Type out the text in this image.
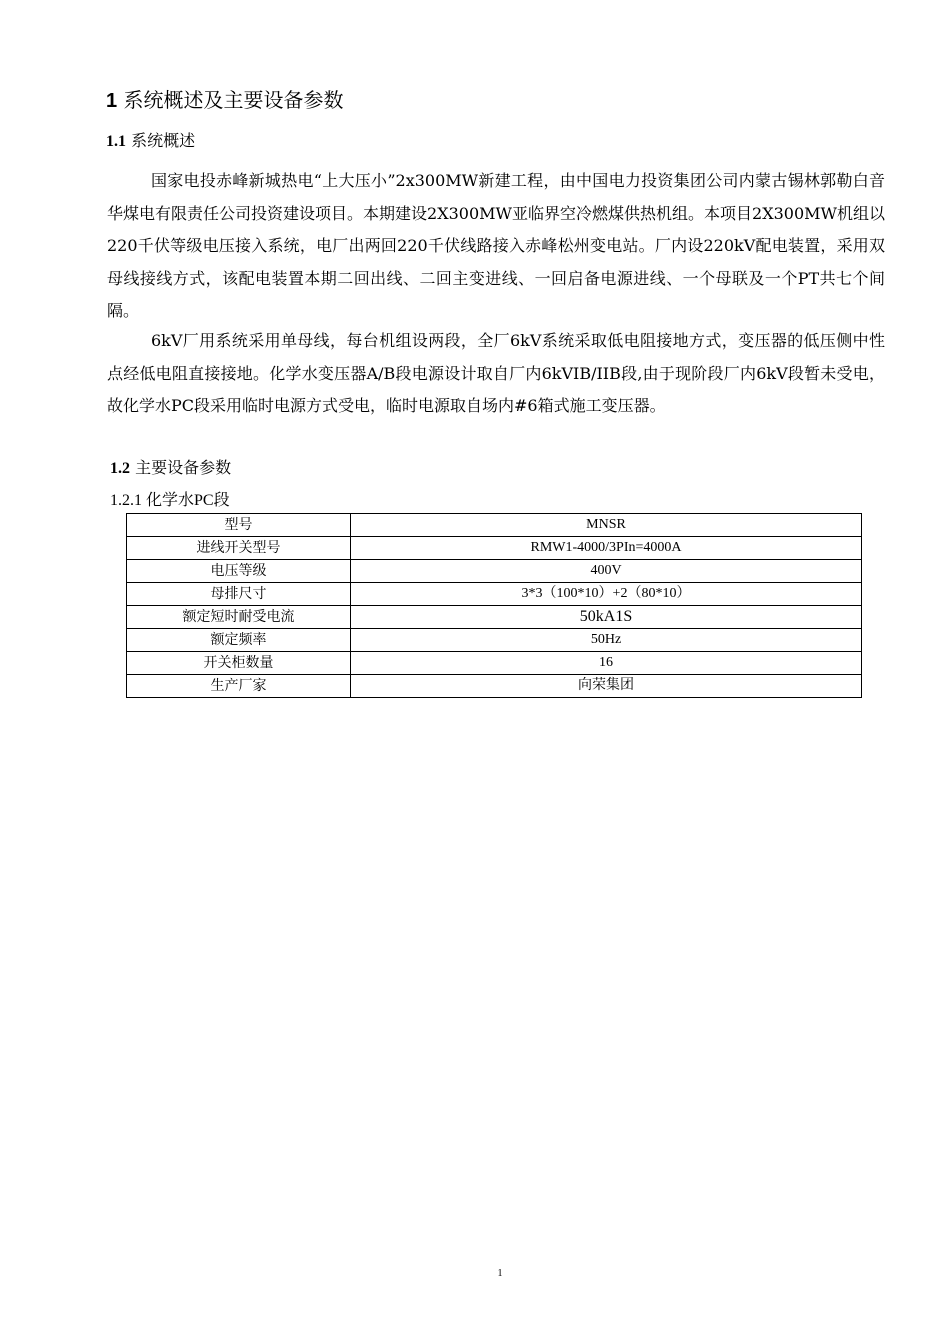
1 系统概述及主要设备参数
1.1 系统概述

国家电投赤峰新城热电“上大压小”2x300MW新建工程，由中国电力投资集团公司内蒙古锡林郭勒白音华煤电有限责任公司投资建设项目。本期建设2X300MW亚临界空冷燃煤供热机组。本项目2X300MW机组以220千伏等级电压接入系统，电厂出两回220千伏线路接入赤峰松州变电站。厂内设220kV配电装置，采用双母线接线方式，该配电装置本期二回出线、二回主变进线、一回启备电源进线、一个母联及一个PT共七个间隔。

6kV厂用系统采用单母线，每台机组设两段，全厂6kV系统采取低电阻接地方式，变压器的低压侧中性点经低电阻直接接地。化学水变压器A/B段电源设计取自厂内6kVIB/IIB段,由于现阶段厂内6kV段暂未受电，故化学水PC段采用临时电源方式受电，临时电源取自场内#6箱式施工变压器。

1.2 主要设备参数
1.2.1 化学水PC段
型号	MNSR
进线开关型号	RMW1-4000/3PIn=4000A
电压等级	400V
母排尺寸	3*3（100*10）+2（80*10）
额定短时耐受电流	50kA1S
额定频率	50Hz
开关柜数量	16
生产厂家	向荣集团
1
